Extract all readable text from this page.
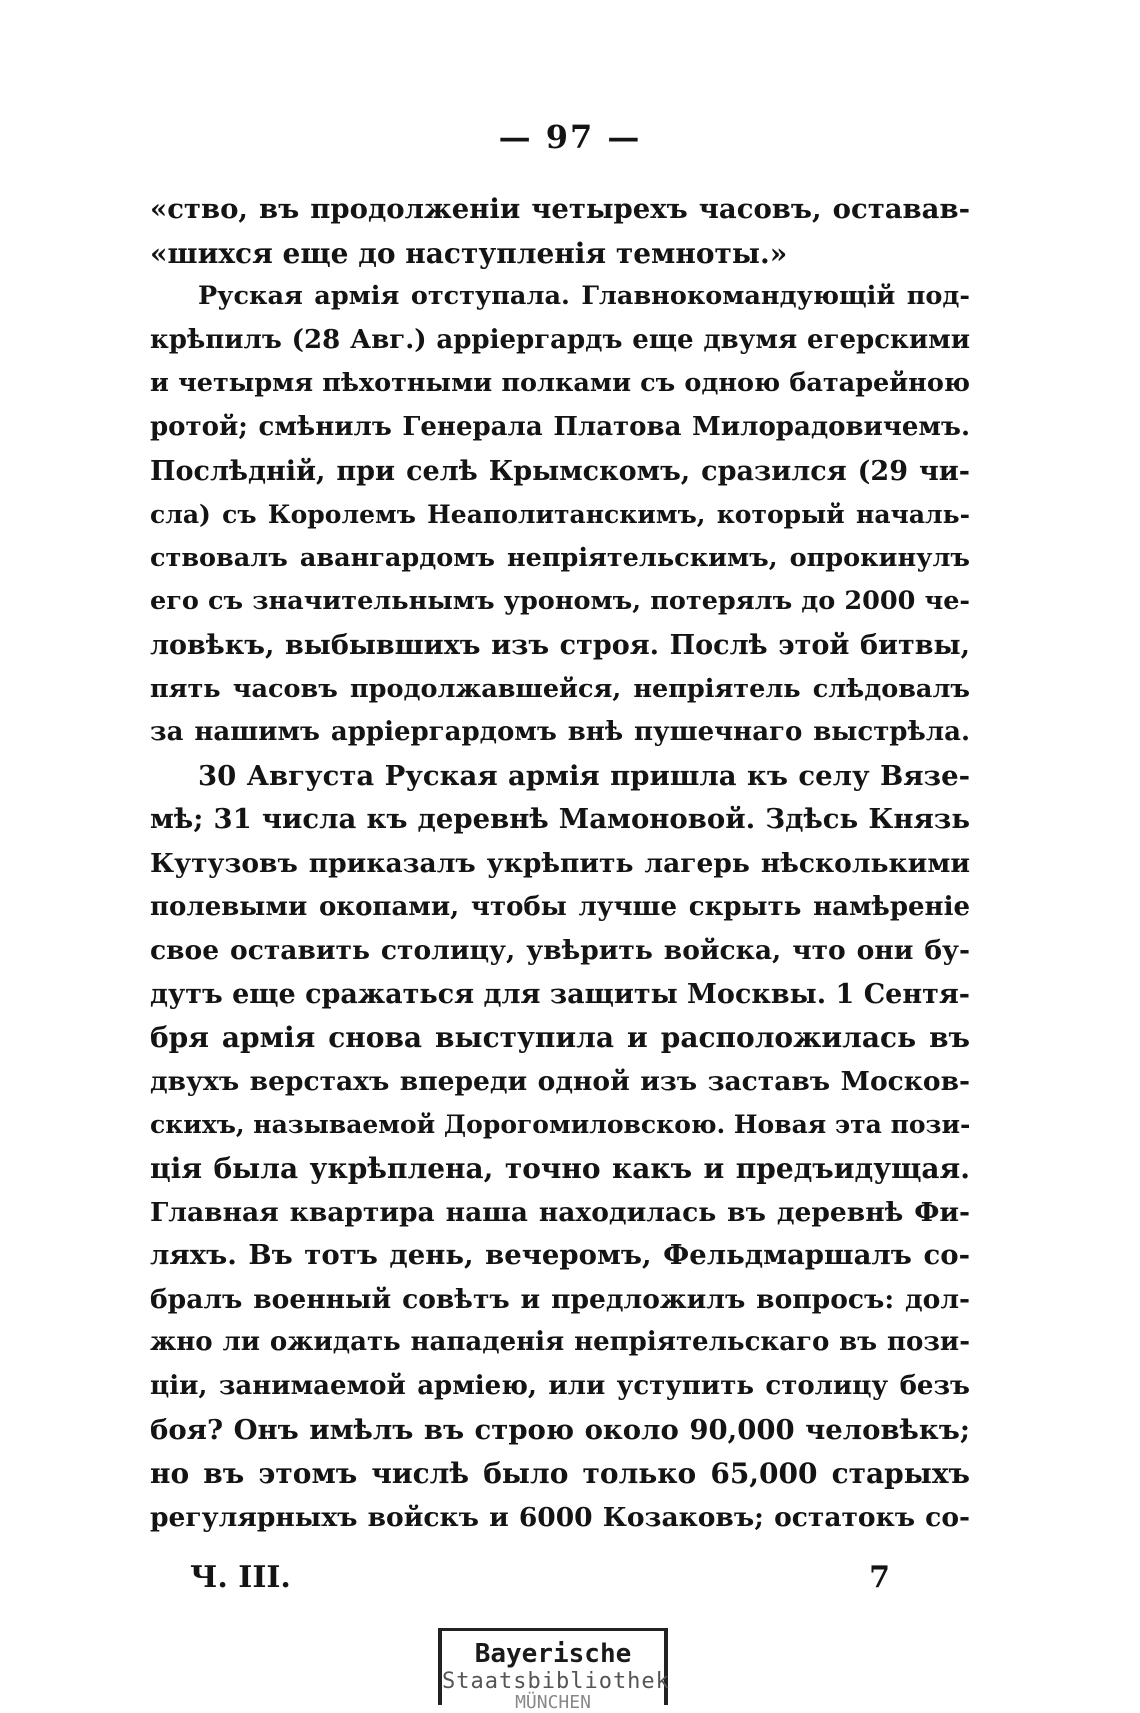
— 97 —
«ство, въ продолженіи четырехъ часовъ, оставав-
«шихся еще до наступленія темноты.»
Руская армія отступала. Главнокомандующій под-
крѣпилъ (28 Авг.) арріергардъ еще двумя егерскими
и четырмя пѣхотными полками съ одною батарейною
ротой; смѣнилъ Генерала Платова Милорадовичемъ.
Послѣдній, при селѣ Крымскомъ, сразился (29 чи-
сла) съ Королемъ Неаполитанскимъ, который началь-
ствовалъ авангардомъ непріятельскимъ, опрокинулъ
его съ значительнымъ урономъ, потерялъ до 2000 че-
ловѣкъ, выбывшихъ изъ строя. Послѣ этой битвы,
пять часовъ продолжавшейся, непріятель слѣдовалъ
за нашимъ арріергардомъ внѣ пушечнаго выстрѣла.
30 Августа Руская армія пришла къ селу Вязе-
мѣ; 31 числа къ деревнѣ Мамоновой. Здѣсь Князь
Кутузовъ приказалъ укрѣпить лагерь нѣсколькими
полевыми окопами, чтобы лучше скрыть намѣреніе
свое оставить столицу, увѣрить войска, что они бу-
дутъ еще сражаться для защиты Москвы. 1 Сентя-
бря армія снова выступила и расположилась въ
двухъ верстахъ впереди одной изъ заставъ Москов-
скихъ, называемой Дорогомиловскою. Новая эта пози-
ція была укрѣплена, точно какъ и предъидущая.
Главная квартира наша находилась въ деревнѣ Фи-
ляхъ. Въ тотъ день, вечеромъ, Фельдмаршалъ со-
бралъ военный совѣтъ и предложилъ вопросъ: дол-
жно ли ожидать нападенія непріятельскаго въ пози-
ціи, занимаемой арміею, или уступить столицу безъ
боя? Онъ имѣлъ въ строю около 90,000 человѣкъ;
но въ этомъ числѣ было только 65,000 старыхъ
регулярныхъ войскъ и 6000 Козаковъ; остатокъ со-
Ч. III.	7
Bayerische
Staatsbibliothek
MÜNCHEN
